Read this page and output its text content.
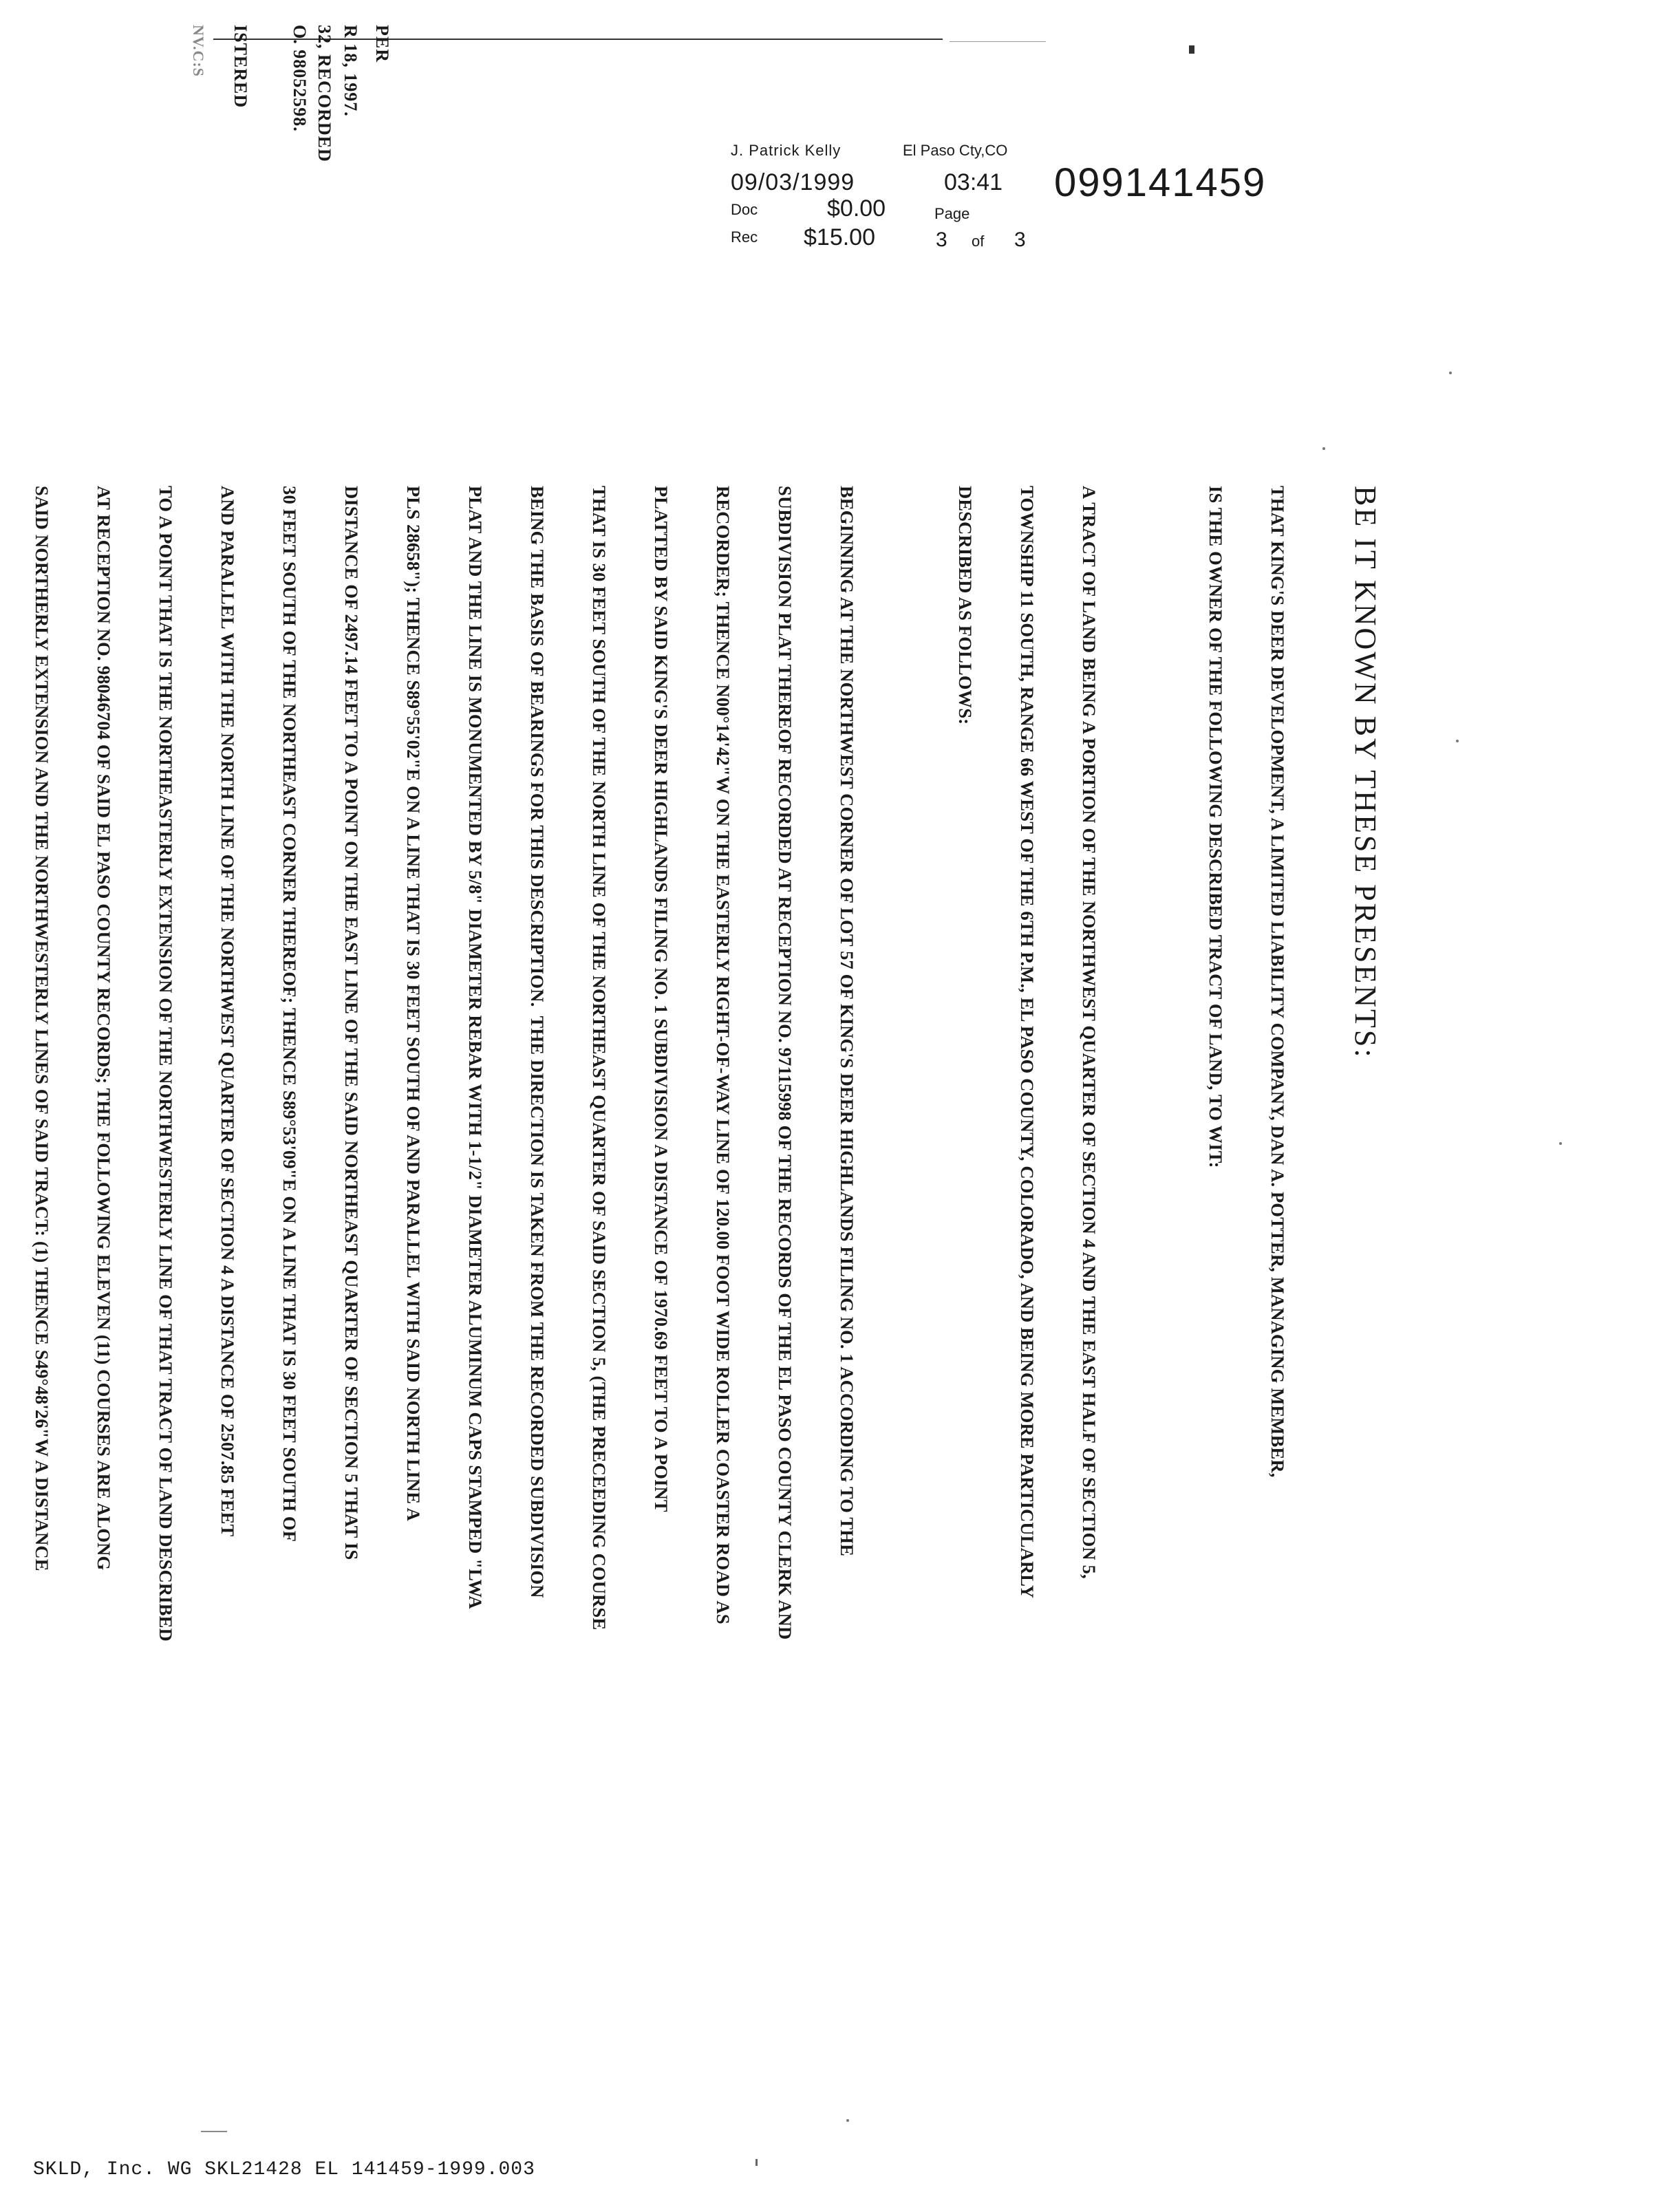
J. Patrick Kelly	El Paso Cty,CO
09/03/1999	03:41 099141459
Doc	$0.00	Page
Rec $15.00	3 of 3
NV.C:S ISTERED O. 98052598. 32, RECORDED R 18, 1997. PER
BE IT KNOWN BY THESE PRESENTS:

THAT KING'S DEER DEVELOPMENT, A LIMITED LIABILITY COMPANY, DAN A. POTTER, MANAGING MEMBER,

IS THE OWNER OF THE FOLLOWING DESCRIBED TRACT OF LAND, TO WIT:

A TRACT OF LAND BEING A PORTION OF THE NORTHWEST QUARTER OF SECTION 4 AND THE EAST HALF OF SECTION 5,

TOWNSHIP 11 SOUTH, RANGE 66 WEST OF THE 6TH P.M., EL PASO COUNTY, COLORADO, AND BEING MORE PARTICULARLY

DESCRIBED AS FOLLOWS:

BEGINNING AT THE NORTHWEST CORNER OF LOT 57 OF KING'S DEER HIGHLANDS FILING NO. 1 ACCORDING TO THE

SUBDIVISION PLAT THEREOF RECORDED AT RECEPTION NO. 97115998 OF THE RECORDS OF THE EL PASO COUNTY CLERK AND

RECORDER; THENCE N00°14'42"W ON THE EASTERLY RIGHT-OF-WAY LINE OF 120.00 FOOT WIDE ROLLER COASTER ROAD AS

PLATTED BY SAID KING'S DEER HIGHLANDS FILING NO. 1 SUBDIVISION A DISTANCE OF 1970.69 FEET TO A POINT

THAT IS 30 FEET SOUTH OF THE NORTH LINE OF THE NORTHEAST QUARTER OF SAID SECTION 5, (THE PRECEEDING COURSE

BEING THE BASIS OF BEARINGS FOR THIS DESCRIPTION.  THE DIRECTION IS TAKEN FROM THE RECORDED SUBDIVISION

PLAT AND THE LINE IS MONUMENTED BY 5/8" DIAMETER REBAR WITH 1-1/2" DIAMETER ALUMINUM CAPS STAMPED "LWA

PLS 28658"); THENCE S89°55'02"E ON A LINE THAT IS 30 FEET SOUTH OF AND PARALLEL WITH SAID NORTH LINE A

DISTANCE OF 2497.14 FEET TO A POINT ON THE EAST LINE OF THE SAID NORTHEAST QUARTER OF SECTION 5 THAT IS

30 FEET SOUTH OF THE NORTHEAST CORNER THEREOF; THENCE S89°53'09"E ON A LINE THAT IS 30 FEET SOUTH OF

AND PARALLEL WITH THE NORTH LINE OF THE NORTHWEST QUARTER OF SECTION 4 A DISTANCE OF 2507.85 FEET

TO A POINT THAT IS THE NORTHEASTERLY EXTENSION OF THE NORTHWESTERLY LINE OF THAT TRACT OF LAND DESCRIBED

AT RECEPTION NO. 98046704 OF SAID EL PASO COUNTY RECORDS; THE FOLLOWING ELEVEN (11) COURSES ARE ALONG

SAID NORTHERLY EXTENSION AND THE NORTHWESTERLY LINES OF SAID TRACT: (1) THENCE S49°48'26"W A DISTANCE

SKLD, Inc. WG SKL21428 EL 141459-1999.003
